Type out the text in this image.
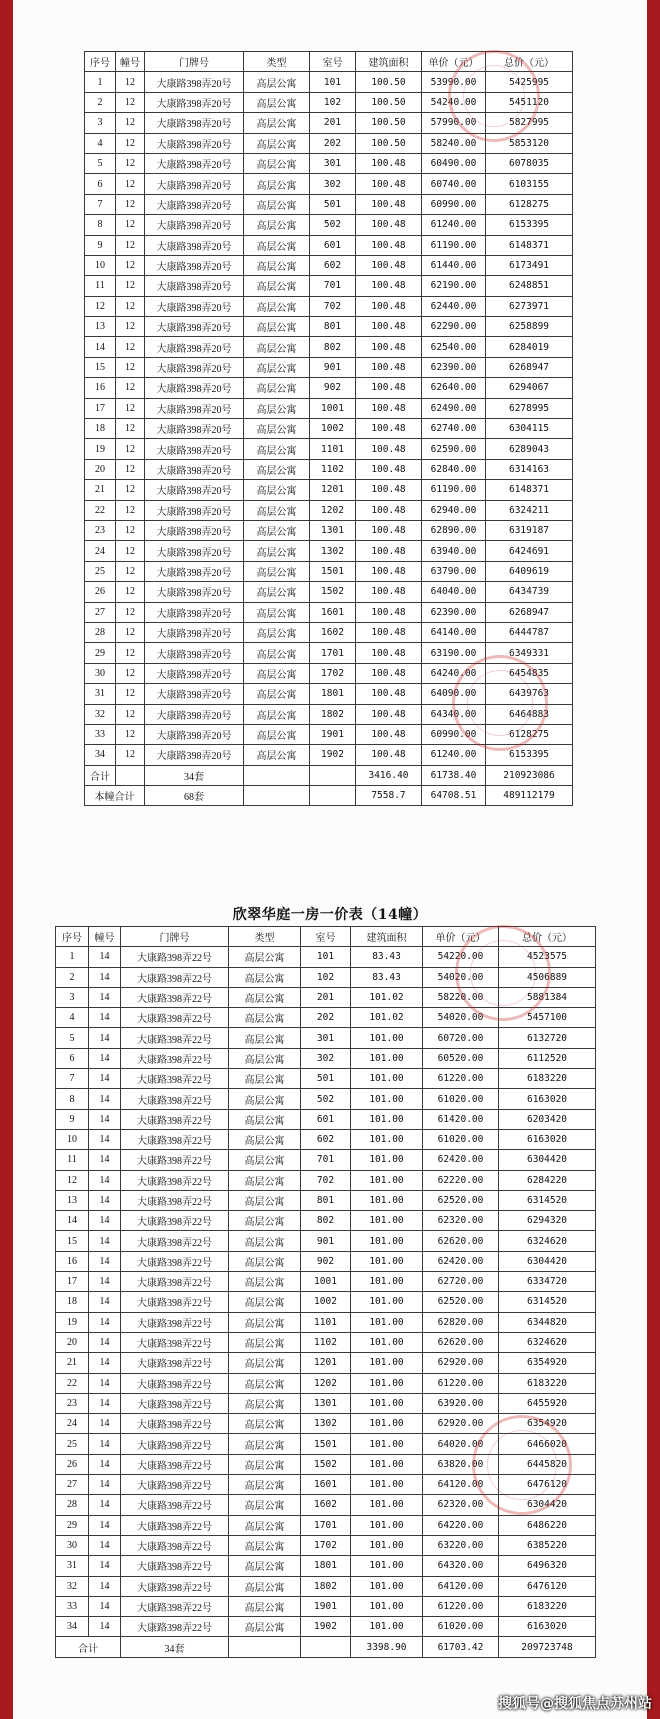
序号	幢号	门牌号	类型	室号	建筑面积	单价（元）	总价（元）
1	12	大康路398弄20号	高层公寓	101	100.50	53990.00	5425995
2	12	大康路398弄20号	高层公寓	102	100.50	54240.00	5451120
3	12	大康路398弄20号	高层公寓	201	100.50	57990.00	5827995
4	12	大康路398弄20号	高层公寓	202	100.50	58240.00	5853120
5	12	大康路398弄20号	高层公寓	301	100.48	60490.00	6078035
6	12	大康路398弄20号	高层公寓	302	100.48	60740.00	6103155
7	12	大康路398弄20号	高层公寓	501	100.48	60990.00	6128275
8	12	大康路398弄20号	高层公寓	502	100.48	61240.00	6153395
9	12	大康路398弄20号	高层公寓	601	100.48	61190.00	6148371
10	12	大康路398弄20号	高层公寓	602	100.48	61440.00	6173491
11	12	大康路398弄20号	高层公寓	701	100.48	62190.00	6248851
12	12	大康路398弄20号	高层公寓	702	100.48	62440.00	6273971
13	12	大康路398弄20号	高层公寓	801	100.48	62290.00	6258899
14	12	大康路398弄20号	高层公寓	802	100.48	62540.00	6284019
15	12	大康路398弄20号	高层公寓	901	100.48	62390.00	6268947
16	12	大康路398弄20号	高层公寓	902	100.48	62640.00	6294067
17	12	大康路398弄20号	高层公寓	1001	100.48	62490.00	6278995
18	12	大康路398弄20号	高层公寓	1002	100.48	62740.00	6304115
19	12	大康路398弄20号	高层公寓	1101	100.48	62590.00	6289043
20	12	大康路398弄20号	高层公寓	1102	100.48	62840.00	6314163
21	12	大康路398弄20号	高层公寓	1201	100.48	61190.00	6148371
22	12	大康路398弄20号	高层公寓	1202	100.48	62940.00	6324211
23	12	大康路398弄20号	高层公寓	1301	100.48	62890.00	6319187
24	12	大康路398弄20号	高层公寓	1302	100.48	63940.00	6424691
25	12	大康路398弄20号	高层公寓	1501	100.48	63790.00	6409619
26	12	大康路398弄20号	高层公寓	1502	100.48	64040.00	6434739
27	12	大康路398弄20号	高层公寓	1601	100.48	62390.00	6268947
28	12	大康路398弄20号	高层公寓	1602	100.48	64140.00	6444787
29	12	大康路398弄20号	高层公寓	1701	100.48	63190.00	6349331
30	12	大康路398弄20号	高层公寓	1702	100.48	64240.00	6454835
31	12	大康路398弄20号	高层公寓	1801	100.48	64090.00	6439763
32	12	大康路398弄20号	高层公寓	1802	100.48	64340.00	6464883
33	12	大康路398弄20号	高层公寓	1901	100.48	60990.00	6128275
34	12	大康路398弄20号	高层公寓	1902	100.48	61240.00	6153395
合计		34套			3416.40	61738.40	210923086
本幢合计		68套			7558.7	64708.51	489112179
欣翠华庭一房一价表（14幢）
序号	幢号	门牌号	类型	室号	建筑面积	单价（元）	总价（元）
1	14	大康路398弄22号	高层公寓	101	83.43	54220.00	4523575
2	14	大康路398弄22号	高层公寓	102	83.43	54020.00	4506889
3	14	大康路398弄22号	高层公寓	201	101.02	58220.00	5881384
4	14	大康路398弄22号	高层公寓	202	101.02	54020.00	5457100
5	14	大康路398弄22号	高层公寓	301	101.00	60720.00	6132720
6	14	大康路398弄22号	高层公寓	302	101.00	60520.00	6112520
7	14	大康路398弄22号	高层公寓	501	101.00	61220.00	6183220
8	14	大康路398弄22号	高层公寓	502	101.00	61020.00	6163020
9	14	大康路398弄22号	高层公寓	601	101.00	61420.00	6203420
10	14	大康路398弄22号	高层公寓	602	101.00	61020.00	6163020
11	14	大康路398弄22号	高层公寓	701	101.00	62420.00	6304420
12	14	大康路398弄22号	高层公寓	702	101.00	62220.00	6284220
13	14	大康路398弄22号	高层公寓	801	101.00	62520.00	6314520
14	14	大康路398弄22号	高层公寓	802	101.00	62320.00	6294320
15	14	大康路398弄22号	高层公寓	901	101.00	62620.00	6324620
16	14	大康路398弄22号	高层公寓	902	101.00	62420.00	6304420
17	14	大康路398弄22号	高层公寓	1001	101.00	62720.00	6334720
18	14	大康路398弄22号	高层公寓	1002	101.00	62520.00	6314520
19	14	大康路398弄22号	高层公寓	1101	101.00	62820.00	6344820
20	14	大康路398弄22号	高层公寓	1102	101.00	62620.00	6324620
21	14	大康路398弄22号	高层公寓	1201	101.00	62920.00	6354920
22	14	大康路398弄22号	高层公寓	1202	101.00	61220.00	6183220
23	14	大康路398弄22号	高层公寓	1301	101.00	63920.00	6455920
24	14	大康路398弄22号	高层公寓	1302	101.00	62920.00	6354920
25	14	大康路398弄22号	高层公寓	1501	101.00	64020.00	6466020
26	14	大康路398弄22号	高层公寓	1502	101.00	63820.00	6445820
27	14	大康路398弄22号	高层公寓	1601	101.00	64120.00	6476120
28	14	大康路398弄22号	高层公寓	1602	101.00	62320.00	6304420
29	14	大康路398弄22号	高层公寓	1701	101.00	64220.00	6486220
30	14	大康路398弄22号	高层公寓	1702	101.00	63220.00	6385220
31	14	大康路398弄22号	高层公寓	1801	101.00	64320.00	6496320
32	14	大康路398弄22号	高层公寓	1802	101.00	64120.00	6476120
33	14	大康路398弄22号	高层公寓	1901	101.00	61220.00	6183220
34	14	大康路398弄22号	高层公寓	1902	101.00	61020.00	6163020
合计		34套			3398.90	61703.42	209723748
搜狐号@搜狐焦点苏州站
